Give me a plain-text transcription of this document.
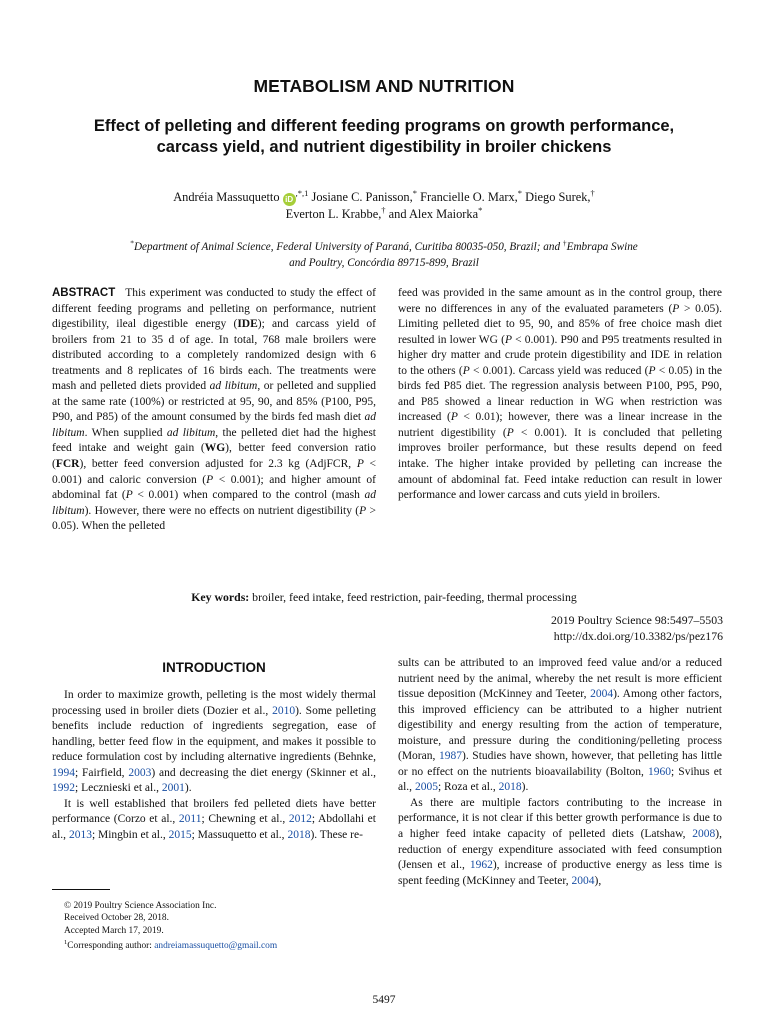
METABOLISM AND NUTRITION
Effect of pelleting and different feeding programs on growth performance,
carcass yield, and nutrient digestibility in broiler chickens
Andréia Massuquetto $iD^{,*,1}$ Josiane C. Panisson,* Francielle O. Marx,* Diego Surek,†
Everton L. Krabbe,† and Alex Maiorka*
*Department of Animal Science, Federal University of Paraná, Curitiba 80035-050, Brazil; and †Embrapa Swine
and Poultry, Concórdia 89715-899, Brazil

ABSTRACT This experiment was conducted to study the effect of different feeding programs and pelleting on performance, nutrient digestibility, ileal digestible energy (IDE); and carcass yield of broilers from 21 to 35 d of age. In total, 768 male broilers were distributed according to a completely randomized design with 6 treatments and 8 replicates of 16 birds each. The treatments were mash and pelleted diets provided ad libitum, or pelleted and supplied at the same rate (100%) or restricted at 95, 90, and 85% (P100, P95, P90, and P85) of the amount consumed by the birds fed mash diet ad libitum. When supplied ad libitum, the pelleted diet had the highest feed intake and weight gain (WG), better feed conversion ratio (FCR), better feed conversion adjusted for 2.3 kg (AdjFCR, P < 0.001) and caloric conversion (P < 0.001); and higher amount of abdominal fat (P < 0.001) when compared to the control (mash ad libitum). However, there were no effects on nutrient digestibility (P > 0.05). When the pelleted

feed was provided in the same amount as in the control group, there were no differences in any of the evaluated parameters (P > 0.05). Limiting pelleted diet to 95, 90, and 85% of free choice mash diet resulted in lower WG (P < 0.001). P90 and P95 treatments resulted in higher dry matter and crude protein digestibility and IDE in relation to the others (P < 0.001). Carcass yield was reduced (P < 0.05) in the birds fed P85 diet. The regression analysis between P100, P95, P90, and P85 showed a linear reduction in WG when restriction was increased (P < 0.01); however, there was a linear increase in the nutrient digestibility (P < 0.001). It is concluded that pelleting improves broiler performance, but these results depend on feed intake. The higher intake provided by pelleting can increase the amount of abdominal fat. Feed intake reduction can result in lower performance and lower carcass and cuts yield in broilers.

Key words: broiler, feed intake, feed restriction, pair-feeding, thermal processing
2019 Poultry Science 98:5497–5503
http://dx.doi.org/10.3382/ps/pez176
INTRODUCTION

In order to maximize growth, pelleting is the most widely thermal processing used in broiler diets (Dozier et al., 2010). Some pelleting benefits include reduction of ingredients segregation, ease of handling, better feed flow in the equipment, and makes it possible to reduce formulation cost by including alternative ingredients (Behnke, 1994; Fairfield, 2003) and decreasing the diet energy (Skinner et al., 1992; Lecznieski et al., 2001).

It is well established that broilers fed pelleted diets have better performance (Corzo et al., 2011; Chewning et al., 2012; Abdollahi et al., 2013; Mingbin et al., 2015; Massuquetto et al., 2018). These re-

sults can be attributed to an improved feed value and/or a reduced nutrient need by the animal, whereby the net result is more efficient tissue deposition (McKinney and Teeter, 2004). Among other factors, this improved efficiency can be attributed to a higher nutrient digestibility and energy resulting from the action of temperature, moisture, and pressure during the conditioning/pelleting process (Moran, 1987). Studies have shown, however, that pelleting has little or no effect on the nutrients bioavailability (Bolton, 1960; Svihus et al., 2005; Roza et al., 2018).

As there are multiple factors contributing to the increase in performance, it is not clear if this better growth performance is due to a higher feed intake capacity of pelleted diets (Latshaw, 2008), reduction of energy expenditure associated with feed consumption (Jensen et al., 1962), increase of productive energy as less time is spent feeding (McKinney and Teeter, 2004),

© 2019 Poultry Science Association Inc.
Received October 28, 2018.
Accepted March 17, 2019.
$^1$Corresponding author: andreiamassuquetto@gmail.com
5497
